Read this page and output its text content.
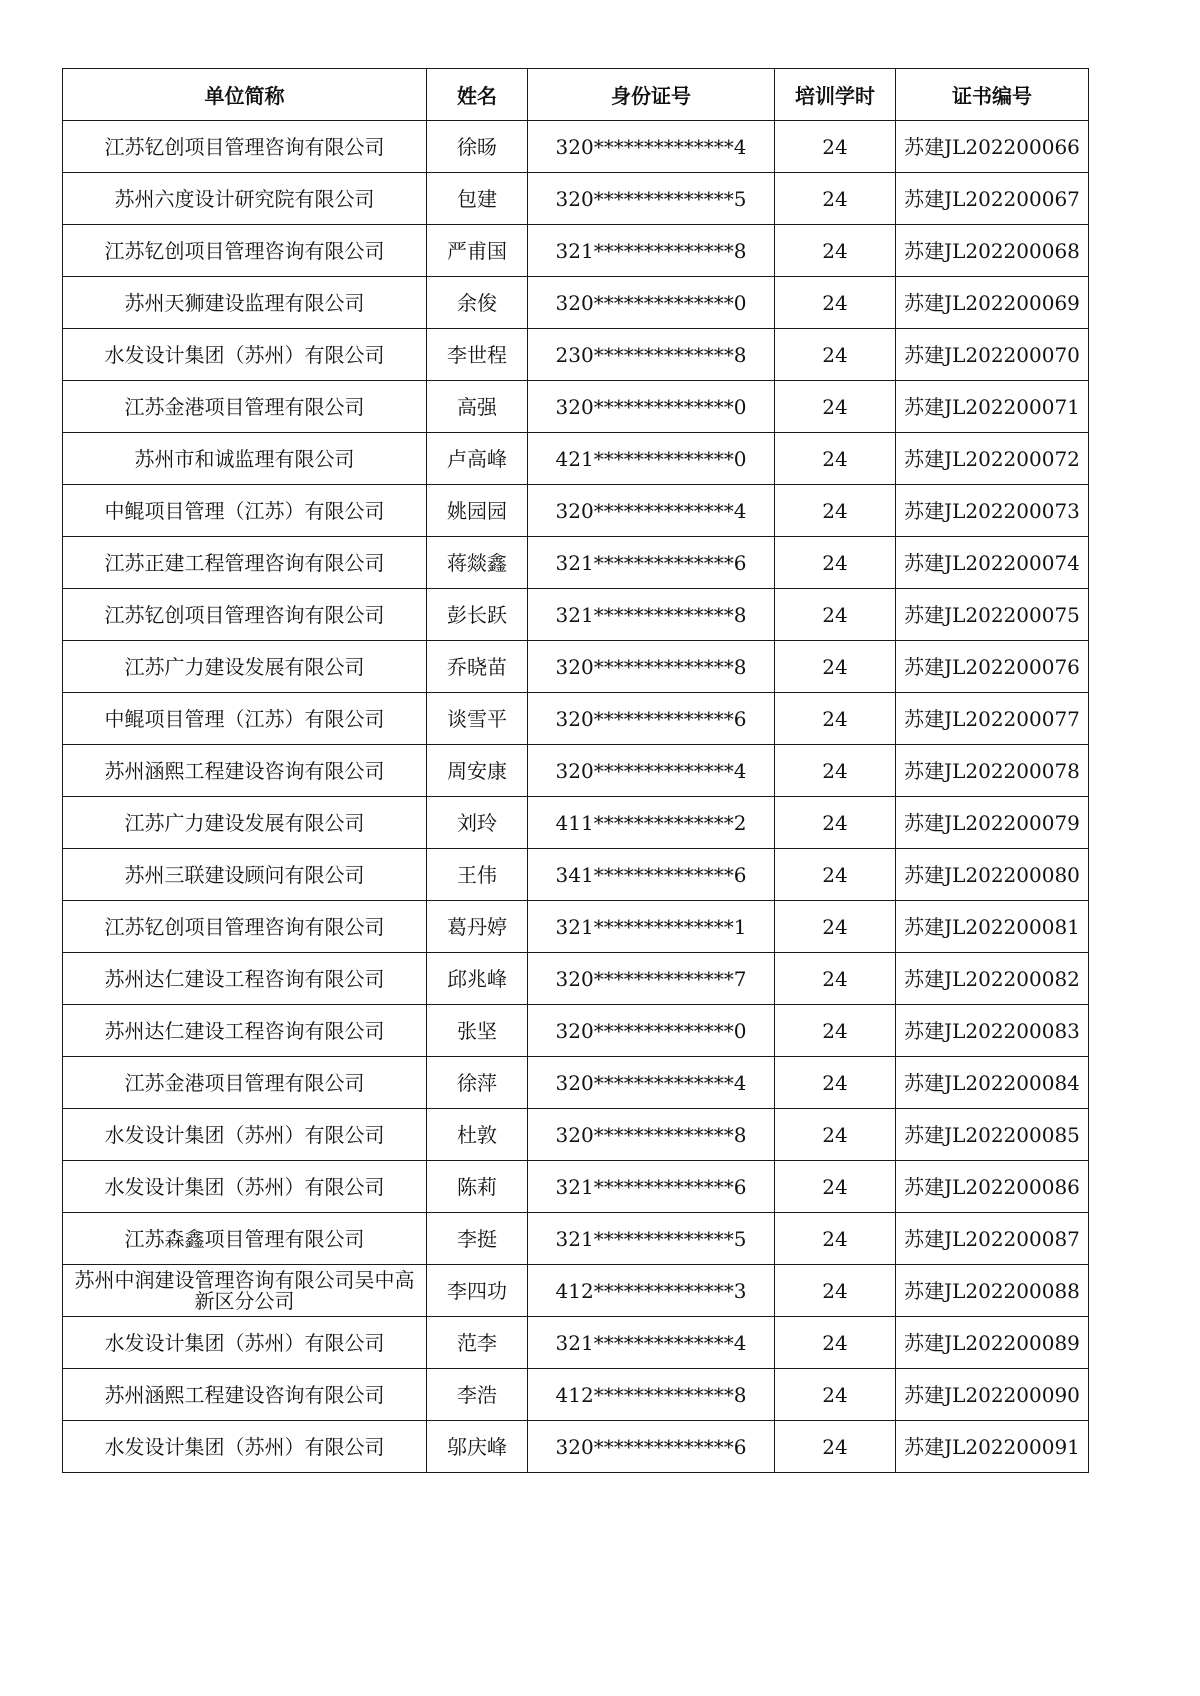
单位简称	姓名	身份证号	培训学时	证书编号
江苏钇创项目管理咨询有限公司	徐旸	320**************4	24	苏建JL202200066
苏州六度设计研究院有限公司	包建	320**************5	24	苏建JL202200067
江苏钇创项目管理咨询有限公司	严甫国	321**************8	24	苏建JL202200068
苏州天狮建设监理有限公司	余俊	320**************0	24	苏建JL202200069
水发设计集团（苏州）有限公司	李世程	230**************8	24	苏建JL202200070
江苏金港项目管理有限公司	高强	320**************0	24	苏建JL202200071
苏州市和诚监理有限公司	卢高峰	421**************0	24	苏建JL202200072
中鲲项目管理（江苏）有限公司	姚园园	320**************4	24	苏建JL202200073
江苏正建工程管理咨询有限公司	蒋燚鑫	321**************6	24	苏建JL202200074
江苏钇创项目管理咨询有限公司	彭长跃	321**************8	24	苏建JL202200075
江苏广力建设发展有限公司	乔晓苗	320**************8	24	苏建JL202200076
中鲲项目管理（江苏）有限公司	谈雪平	320**************6	24	苏建JL202200077
苏州涵熙工程建设咨询有限公司	周安康	320**************4	24	苏建JL202200078
江苏广力建设发展有限公司	刘玲	411**************2	24	苏建JL202200079
苏州三联建设顾问有限公司	王伟	341**************6	24	苏建JL202200080
江苏钇创项目管理咨询有限公司	葛丹婷	321**************1	24	苏建JL202200081
苏州达仁建设工程咨询有限公司	邱兆峰	320**************7	24	苏建JL202200082
苏州达仁建设工程咨询有限公司	张坚	320**************0	24	苏建JL202200083
江苏金港项目管理有限公司	徐萍	320**************4	24	苏建JL202200084
水发设计集团（苏州）有限公司	杜敦	320**************8	24	苏建JL202200085
水发设计集团（苏州）有限公司	陈莉	321**************6	24	苏建JL202200086
江苏森鑫项目管理有限公司	李挺	321**************5	24	苏建JL202200087
苏州中润建设管理咨询有限公司吴中高新区分公司	李四功	412**************3	24	苏建JL202200088
水发设计集团（苏州）有限公司	范李	321**************4	24	苏建JL202200089
苏州涵熙工程建设咨询有限公司	李浩	412**************8	24	苏建JL202200090
水发设计集团（苏州）有限公司	邬庆峰	320**************6	24	苏建JL202200091
